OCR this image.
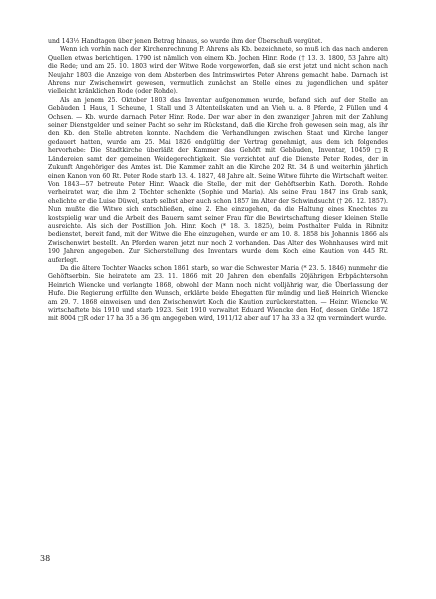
und 143½ Handtagen über jenen Betrag hinaus, so wurde ihm der Überschuß vergütet.

Wenn ich vorhin nach der Kirchenrechnung P. Ahrens als Kb. bezeichnete, so muß ich das nach anderen Quellen etwas berichtigen. 1790 ist nämlich von einem Kb. Jochen Hinr. Rode († 13. 3. 1800, 53 Jahre alt) die Rede; und am 25. 10. 1803 wird der Witwe Rode vorgeworfen, daß sie erst jetzt und nicht schon nach Neujahr 1803 die Anzeige von dem Absterben des Intrimswirtes Peter Ahrens gemacht habe. Darnach ist Ahrens nur Zwischenwirt gewesen, vermutlich zunächst an Stelle eines zu jugendlichen und später vielleicht kränklichen Rode (oder Rohde).

Als an jenem 25. Oktober 1803 das Inventar aufgenommen wurde, befand sich auf der Stelle an Gebäuden 1 Haus, 1 Scheune, 1 Stall und 3 Altenteilskaten und an Vieh u. a. 8 Pferde, 2 Füllen und 4 Ochsen. — Kb. wurde darnach Peter Hinr. Rode. Der war aber in den zwanziger Jahren mit der Zahlung seiner Dienstgelder und seiner Pacht so sehr im Rückstand, daß die Kirche froh gewesen sein mag, als ihr den Kb. den Stelle abtreten konnte. Nachdem die Verhandlungen zwischen Staat und Kirche langer gedauert hatten, wurde am 25. Mai 1826 endgültig der Vertrag genehmigt, aus dem ich folgendes hervorhebe: Die Stadtkirche überläßt der Kammer das Gehöft mit Gebäuden, Inventar, 10459 □R Ländereien samt der gemeinen Weidegerechtigkeit. Sie verzichtet auf die Dienste Peter Rodes, der in Zukunft Angehöriger des Amtes ist. Die Kammer zahlt an die Kirche 202 Rt. 34 ß und weiterhin jährlich einen Kanon von 60 Rt. Peter Rode starb 13. 4. 1827, 48 Jahre alt. Seine Witwe führte die Wirtschaft weiter. Von 1843—57 betreute Peter Hinr. Waack die Stelle, der mit der Gehöftserbin Kath. Doroth. Rohde verheiratet war, die ihm 2 Töchter schenkte (Sophie und Maria). Als seine Frau 1847 ins Grab sank, ehelichte er die Luise Düwel, starb selbst aber auch schon 1857 im Alter der Schwindsucht († 26. 12. 1857). Nun mußte die Witwe sich entschließen, eine 2. Ehe einzugehen, da die Haltung eines Knechtes zu kostspielig war und die Arbeit des Bauern samt seiner Frau für die Bewirtschaftung dieser kleinen Stelle ausreichte. Als sich der Postillion Joh. Hinr. Koch (* 18. 3. 1825), beim Posthalter Fulda in Ribnitz bedienstet, bereit fand, mit der Witwe die Ehe einzugehen, wurde er am 10. 8. 1858 bis Johannis 1866 als Zwischenwirt bestellt. An Pferden waren jetzt nur noch 2 vorhanden. Das Alter des Wohnhauses wird mit 190 Jahren angegeben. Zur Sicherstellung des Inventars wurde dem Koch eine Kaution von 445 Rt. auferlegt.

Da die ältere Tochter Waacks schon 1861 starb, so war die Schwester Maria (* 23. 5. 1846) nunmehr die Gehöftserbin. Sie heiratete am 23. 11. 1866 mit 20 Jahren den ebenfalls 20jährigen Erbpächtersohn Heinrich Wiencke und verlangte 1868, obwohl der Mann noch nicht volljährig war, die Überlassung der Hufe. Die Regierung erfüllte den Wunsch, erklärte beide Ehegatten für mündig und ließ Heinrich Wiencke am 29. 7. 1868 einweisen und den Zwischenwirt Koch die Kaution zurückerstatten. — Heinr. Wiencke W. wirtschaftete bis 1910 und starb 1923. Seit 1910 verwaltet Eduard Wiencke den Hof, dessen Größe 1872 mit 8004 □R oder 17 ha 35 a 36 qm angegeben wird, 1911/12 aber auf 17 ha 33 a 32 qm vermindert wurde.

38
